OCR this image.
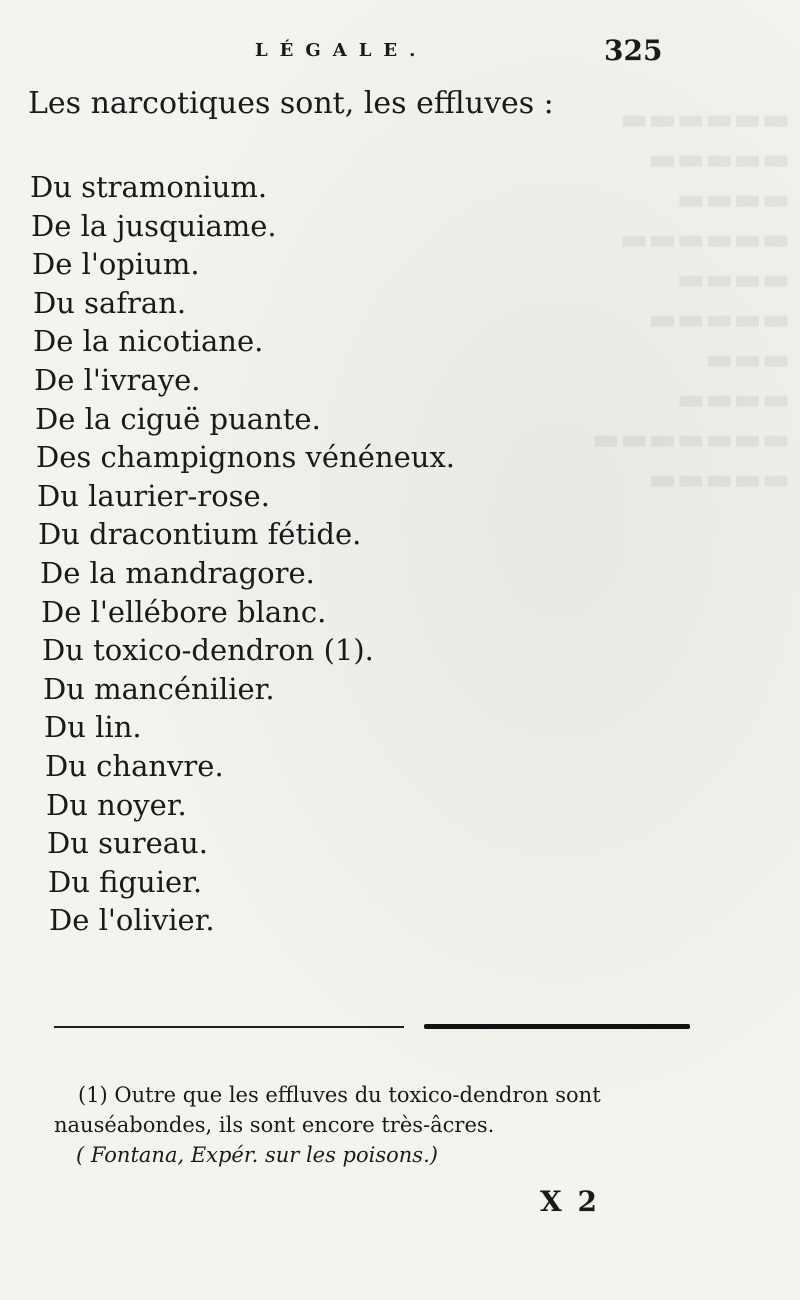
▬▬▬▬▬▬
▬▬▬▬▬
▬▬▬▬
▬▬▬▬▬▬
▬▬▬▬
▬▬▬▬▬
▬▬▬
▬▬▬▬
▬▬▬▬▬▬▬
▬▬▬▬▬
LÉGALE.	325
Les narcotiques sont, les effluves :
Du stramonium.
De la jusquiame.
De l'opium.
Du safran.
De la nicotiane.
De l'ivraye.
De la ciguë puante.
Des champignons vénéneux.
Du laurier-rose.
Du dracontium fétide.
De la mandragore.
De l'ellébore blanc.
Du toxico-dendron (1).
Du mancénilier.
Du lin.
Du chanvre.
Du noyer.
Du sureau.
Du figuier.
De l'olivier.
(1) Outre que les effluves du toxico-dendron sont
nauséabondes, ils sont encore très-âcres.
( Fontana, Expér. sur les poisons.)
X 2
